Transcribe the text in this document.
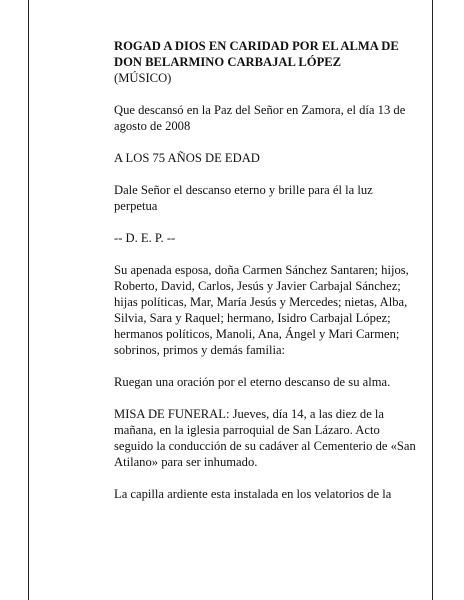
ROGAD A DIOS EN CARIDAD POR EL ALMA DE
DON BELARMINO CARBAJAL LÓPEZ
(MÚSICO)

Que descansó en la Paz del Señor en Zamora, el día 13 de agosto de 2008

A LOS 75 AÑOS DE EDAD

Dale Señor el descanso eterno y brille para él la luz perpetua

-- D. E. P. --

Su apenada esposa, doña Carmen Sánchez Santaren; hijos, Roberto, David, Carlos, Jesús y Javier Carbajal Sánchez; hijas políticas, Mar, María Jesús y Mercedes; nietas, Alba, Silvia, Sara y Raquel; hermano, Isidro Carbajal López; hermanos políticos, Manoli, Ana, Ángel y Mari Carmen; sobrinos, primos y demás familia:

Ruegan una oración por el eterno descanso de su alma.

MISA DE FUNERAL: Jueves, día 14, a las diez de la mañana, en la iglesia parroquial de San Lázaro. Acto seguido la conducción de su cadáver al Cementerio de «San Atilano» para ser inhumado.

La capilla ardiente esta instalada en los velatorios de la
